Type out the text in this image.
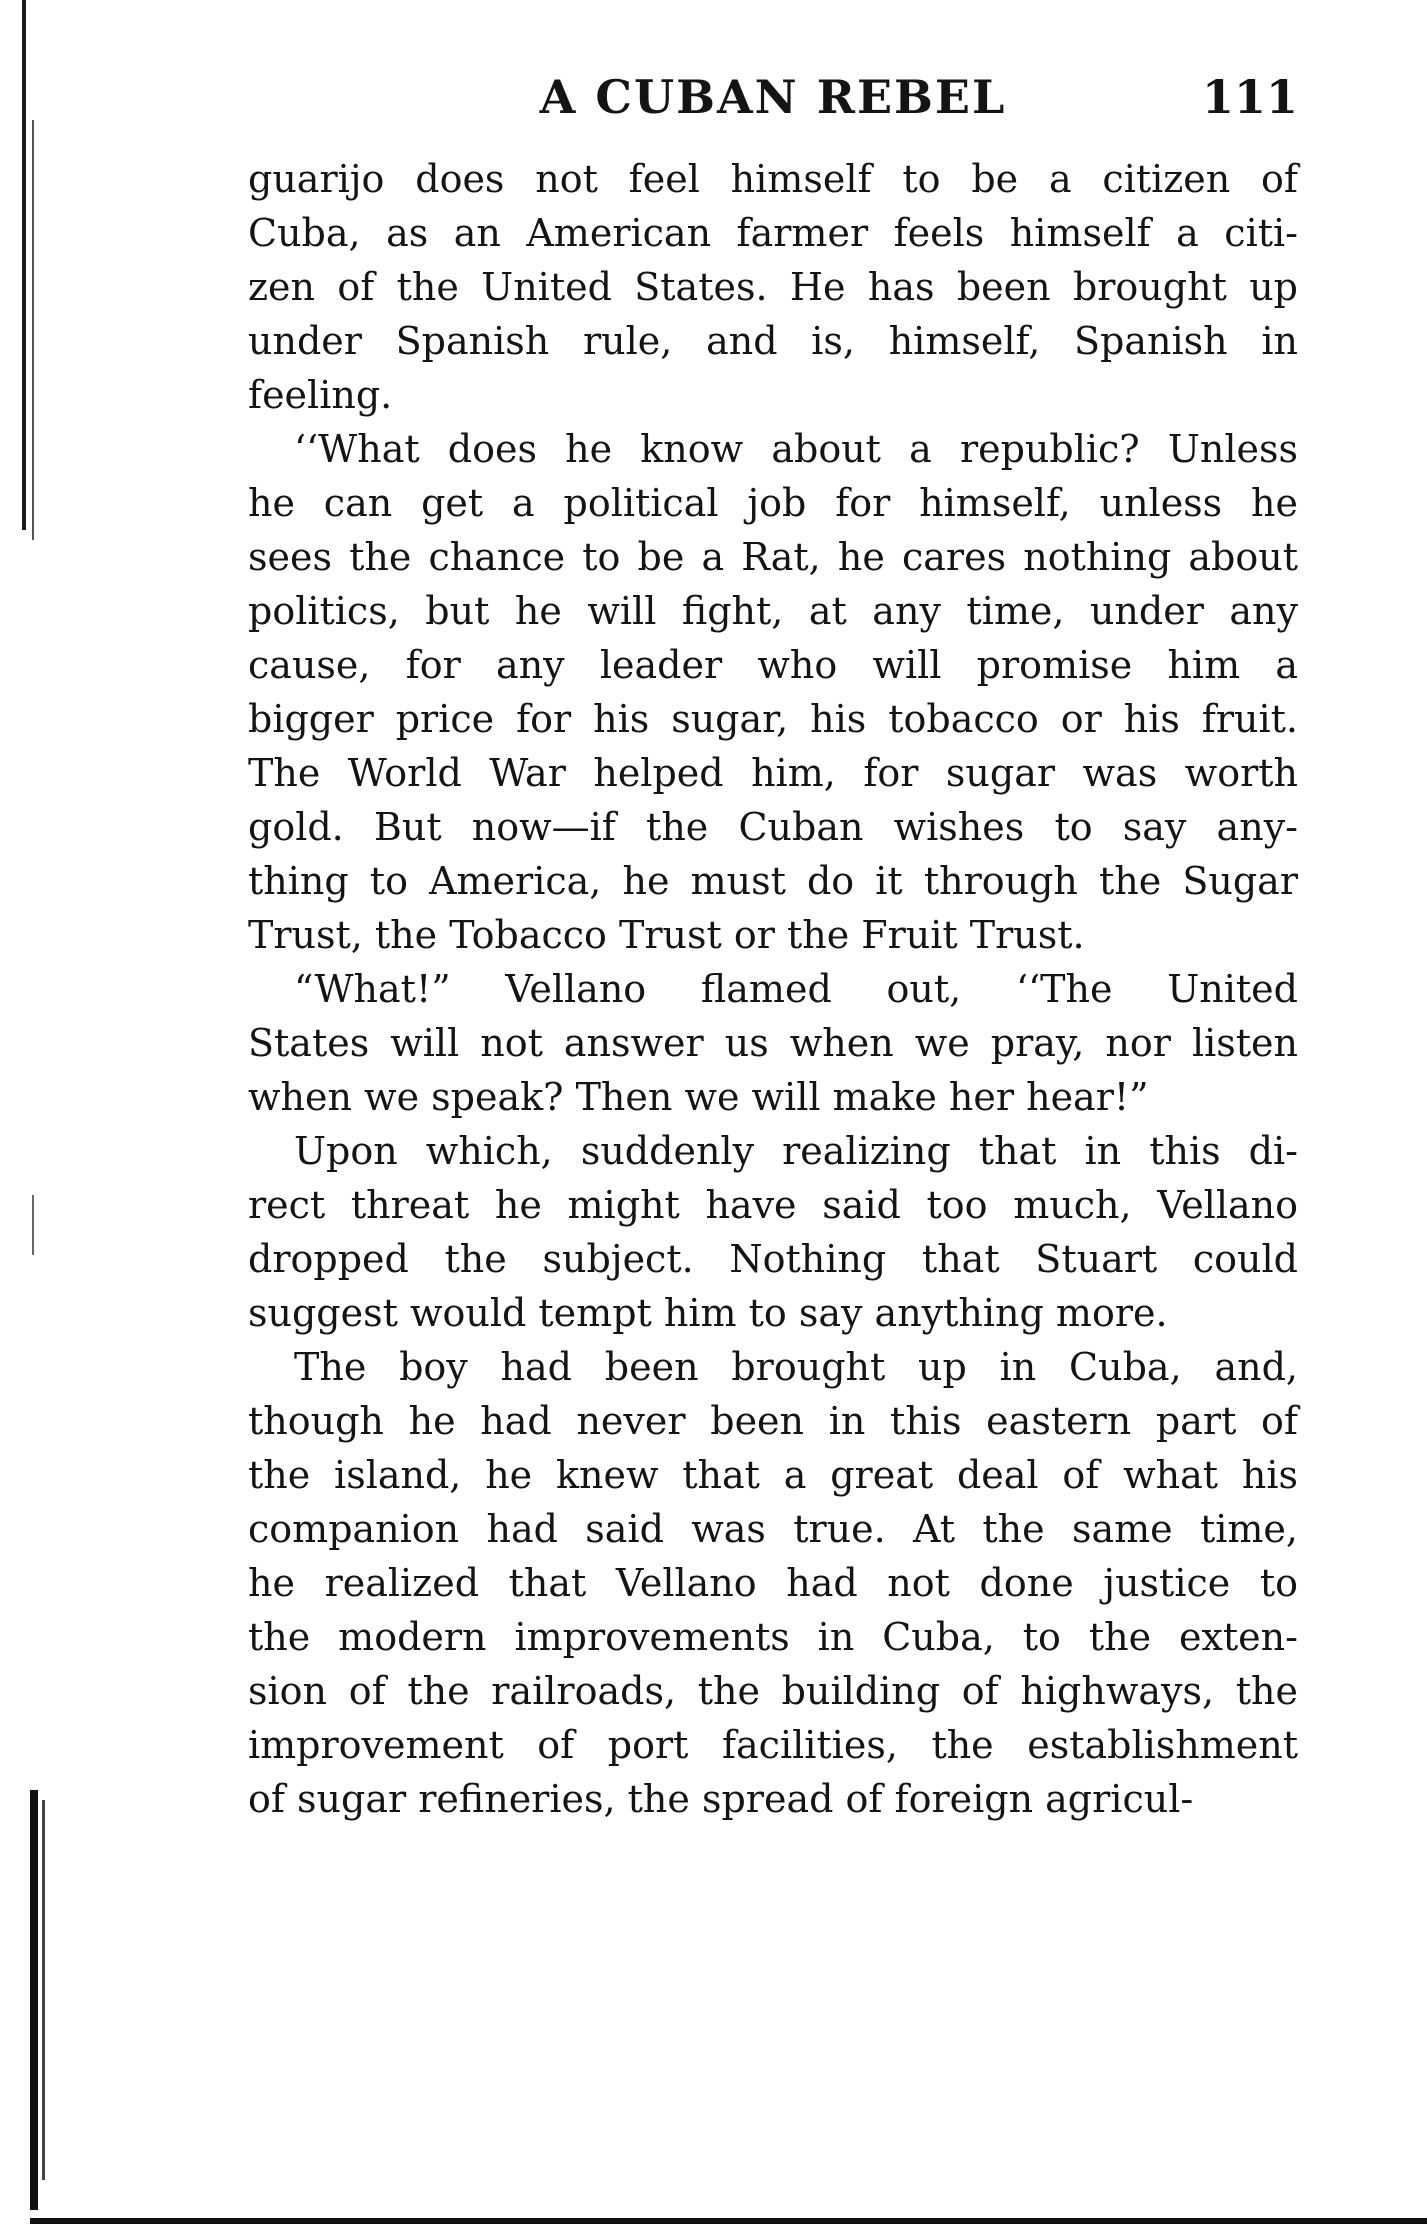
A CUBAN REBEL	111
guarijo does not feel himself to be a citizen of
Cuba, as an American farmer feels himself a citi-
zen of the United States. He has been brought up
under Spanish rule, and is, himself, Spanish in
feeling.
‘‘What does he know about a republic? Unless
he can get a political job for himself, unless he
sees the chance to be a Rat, he cares nothing about
politics, but he will fight, at any time, under any
cause, for any leader who will promise him a
bigger price for his sugar, his tobacco or his fruit.
The World War helped him, for sugar was worth
gold. But now—if the Cuban wishes to say any-
thing to America, he must do it through the Sugar
Trust, the Tobacco Trust or the Fruit Trust.
“What!” Vellano flamed out, ‘‘The United
States will not answer us when we pray, nor listen
when we speak? Then we will make her hear!”
Upon which, suddenly realizing that in this di-
rect threat he might have said too much, Vellano
dropped the subject. Nothing that Stuart could
suggest would tempt him to say anything more.
The boy had been brought up in Cuba, and,
though he had never been in this eastern part of
the island, he knew that a great deal of what his
companion had said was true. At the same time,
he realized that Vellano had not done justice to
the modern improvements in Cuba, to the exten-
sion of the railroads, the building of highways, the
improvement of port facilities, the establishment
of sugar refineries, the spread of foreign agricul-
